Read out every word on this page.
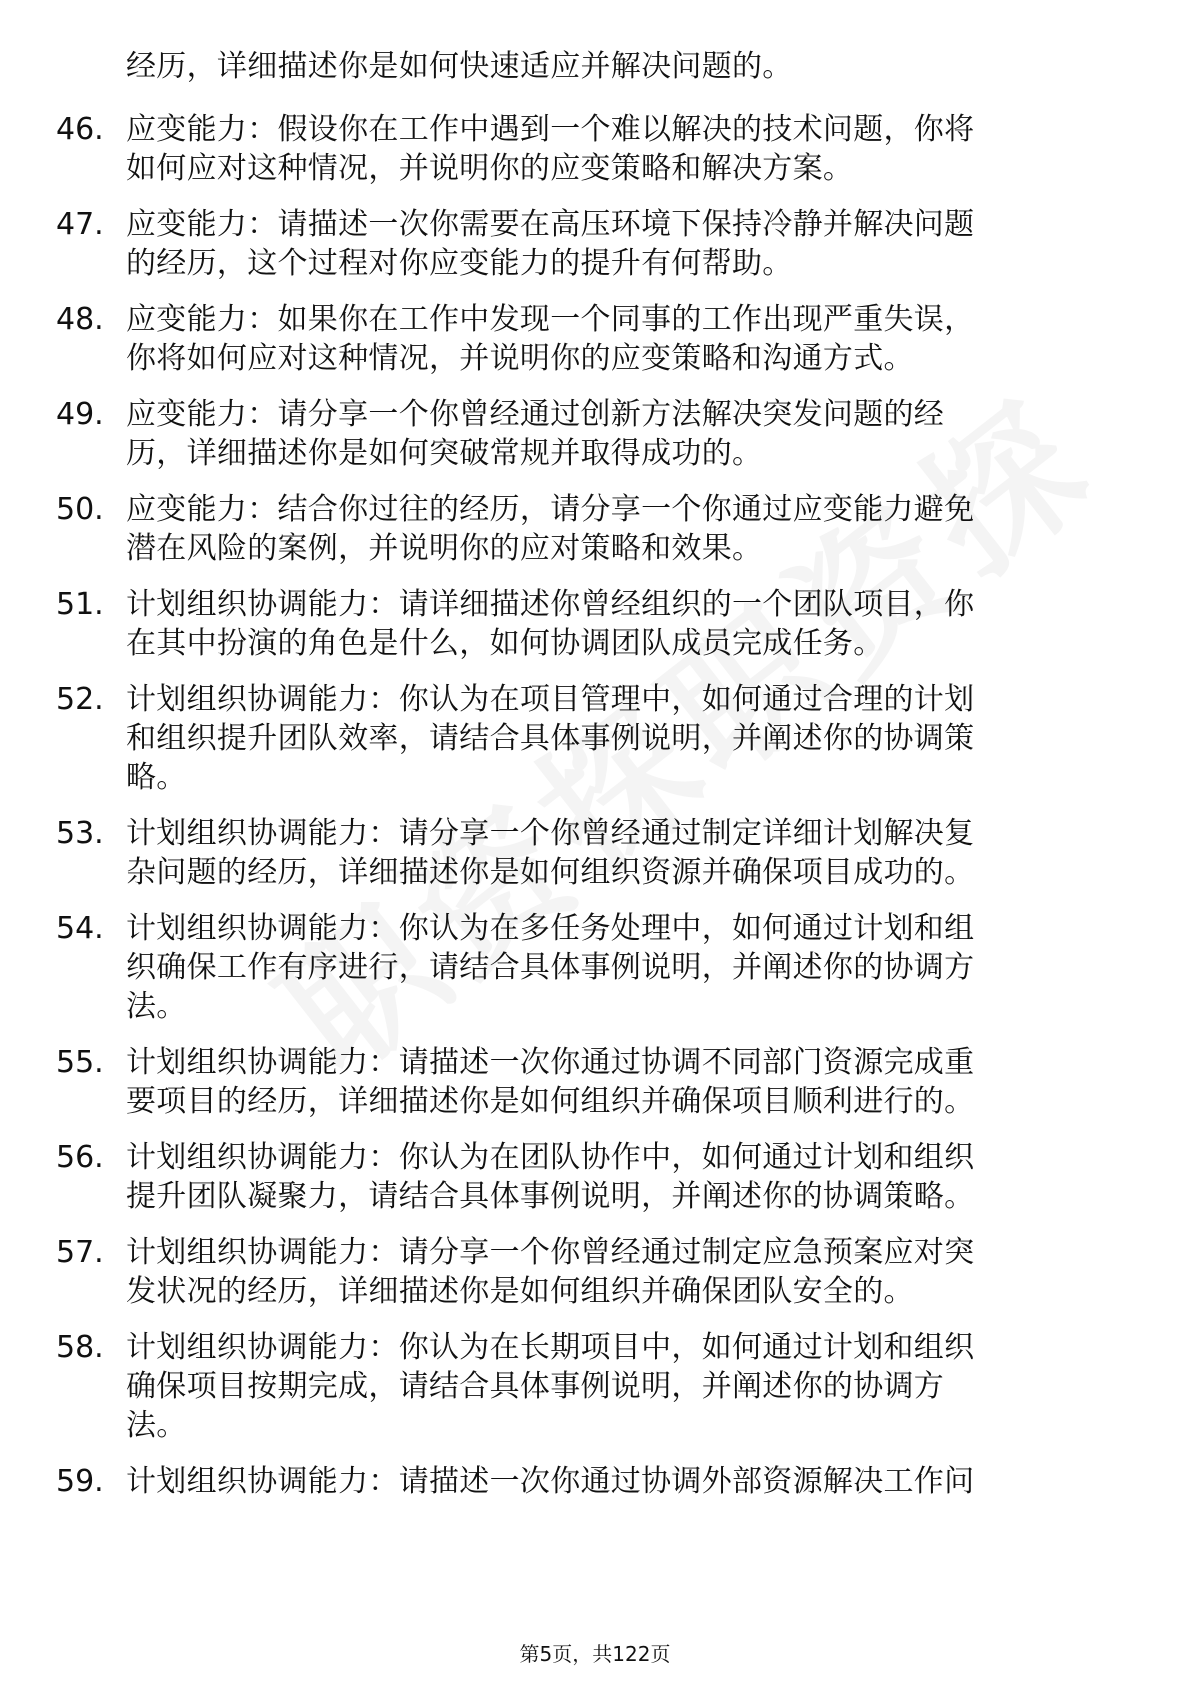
经历，详细描述你是如何快速适应并解决问题的。
46. 应变能力：假设你在工作中遇到一个难以解决的技术问题，你将
如何应对这种情况，并说明你的应变策略和解决方案。
47. 应变能力：请描述一次你需要在高压环境下保持冷静并解决问题
的经历，这个过程对你应变能力的提升有何帮助。
48. 应变能力：如果你在工作中发现一个同事的工作出现严重失误，
你将如何应对这种情况，并说明你的应变策略和沟通方式。
49. 应变能力：请分享一个你曾经通过创新方法解决突发问题的经
历，详细描述你是如何突破常规并取得成功的。
50. 应变能力：结合你过往的经历，请分享一个你通过应变能力避免
潜在风险的案例，并说明你的应对策略和效果。
51. 计划组织协调能力：请详细描述你曾经组织的一个团队项目，你
在其中扮演的角色是什么，如何协调团队成员完成任务。
52. 计划组织协调能力：你认为在项目管理中，如何通过合理的计划
和组织提升团队效率，请结合具体事例说明，并阐述你的协调策
略。
53. 计划组织协调能力：请分享一个你曾经通过制定详细计划解决复
杂问题的经历，详细描述你是如何组织资源并确保项目成功的。
54. 计划组织协调能力：你认为在多任务处理中，如何通过计划和组
织确保工作有序进行，请结合具体事例说明，并阐述你的协调方
法。
55. 计划组织协调能力：请描述一次你通过协调不同部门资源完成重
要项目的经历，详细描述你是如何组织并确保项目顺利进行的。
56. 计划组织协调能力：你认为在团队协作中，如何通过计划和组织
提升团队凝聚力，请结合具体事例说明，并阐述你的协调策略。
57. 计划组织协调能力：请分享一个你曾经通过制定应急预案应对突
发状况的经历，详细描述你是如何组织并确保团队安全的。
58. 计划组织协调能力：你认为在长期项目中，如何通过计划和组织
确保项目按期完成，请结合具体事例说明，并阐述你的协调方
法。
59. 计划组织协调能力：请描述一次你通过协调外部资源解决工作问
第5页，共122页
